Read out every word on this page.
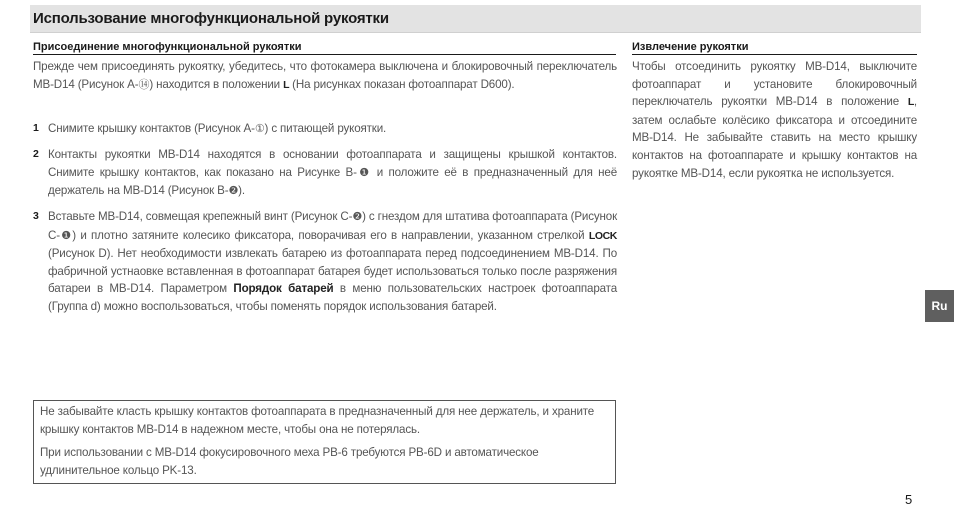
Использование многофункциональной рукоятки
Присоединение многофункциональной рукоятки
Прежде чем присоединять рукоятку, убедитесь, что фотокамера выключена и блокировочный переключатель MB-D14 (Рисунок A-⑭) находится в положении L (На рисунках показан фотоаппарат D600).
1 Снимите крышку контактов (Рисунок A-①) с питающей рукоятки.
2 Контакты рукоятки MB-D14 находятся в основании фотоаппарата и защищены крышкой контактов. Снимите крышку контактов, как показано на Рисунке B-❶ и положите её в предназначенный для неё держатель на MB-D14 (Рисунок B-❷).
3 Вставьте MB-D14, совмещая крепежный винт (Рисунок C-❷) с гнездом для штатива фотоаппарата (Рисунок C-❶) и плотно затяните колесико фиксатора, поворачивая его в направлении, указанном стрелкой LOCK (Рисунок D). Нет необходимости извлекать батарею из фотоаппарата перед подсоединением MB-D14. По фабричной устнаовке вставленная в фотоаппарат батарея будет использоваться только после разряжения батареи в MB-D14. Параметром Порядок батарей в меню пользовательских настроек фотоаппарата (Группа d) можно воспользоваться, чтобы поменять порядок использования батарей.
Извлечение рукоятки
Чтобы отсоединить рукоятку MB-D14, выключите фотоаппарат и установите блокировочный переключатель рукоятки MB-D14 в положение L, затем ослабьте колёсико фиксатора и отсоедините MB-D14. Не забывайте ставить на место крышку контактов на фотоаппарате и крышку контактов на рукоятке MB-D14, если рукоятка не используется.

Не забывайте класть крышку контактов фотоаппарата в предназначенный для нее держатель, и храните крышку контактов MB-D14 в надежном месте, чтобы она не потерялась.

При использовании с MB-D14 фокусировочного меха PB-6 требуются PB-6D и автоматическое удлинительное кольцо PK-13.

Ru
5
